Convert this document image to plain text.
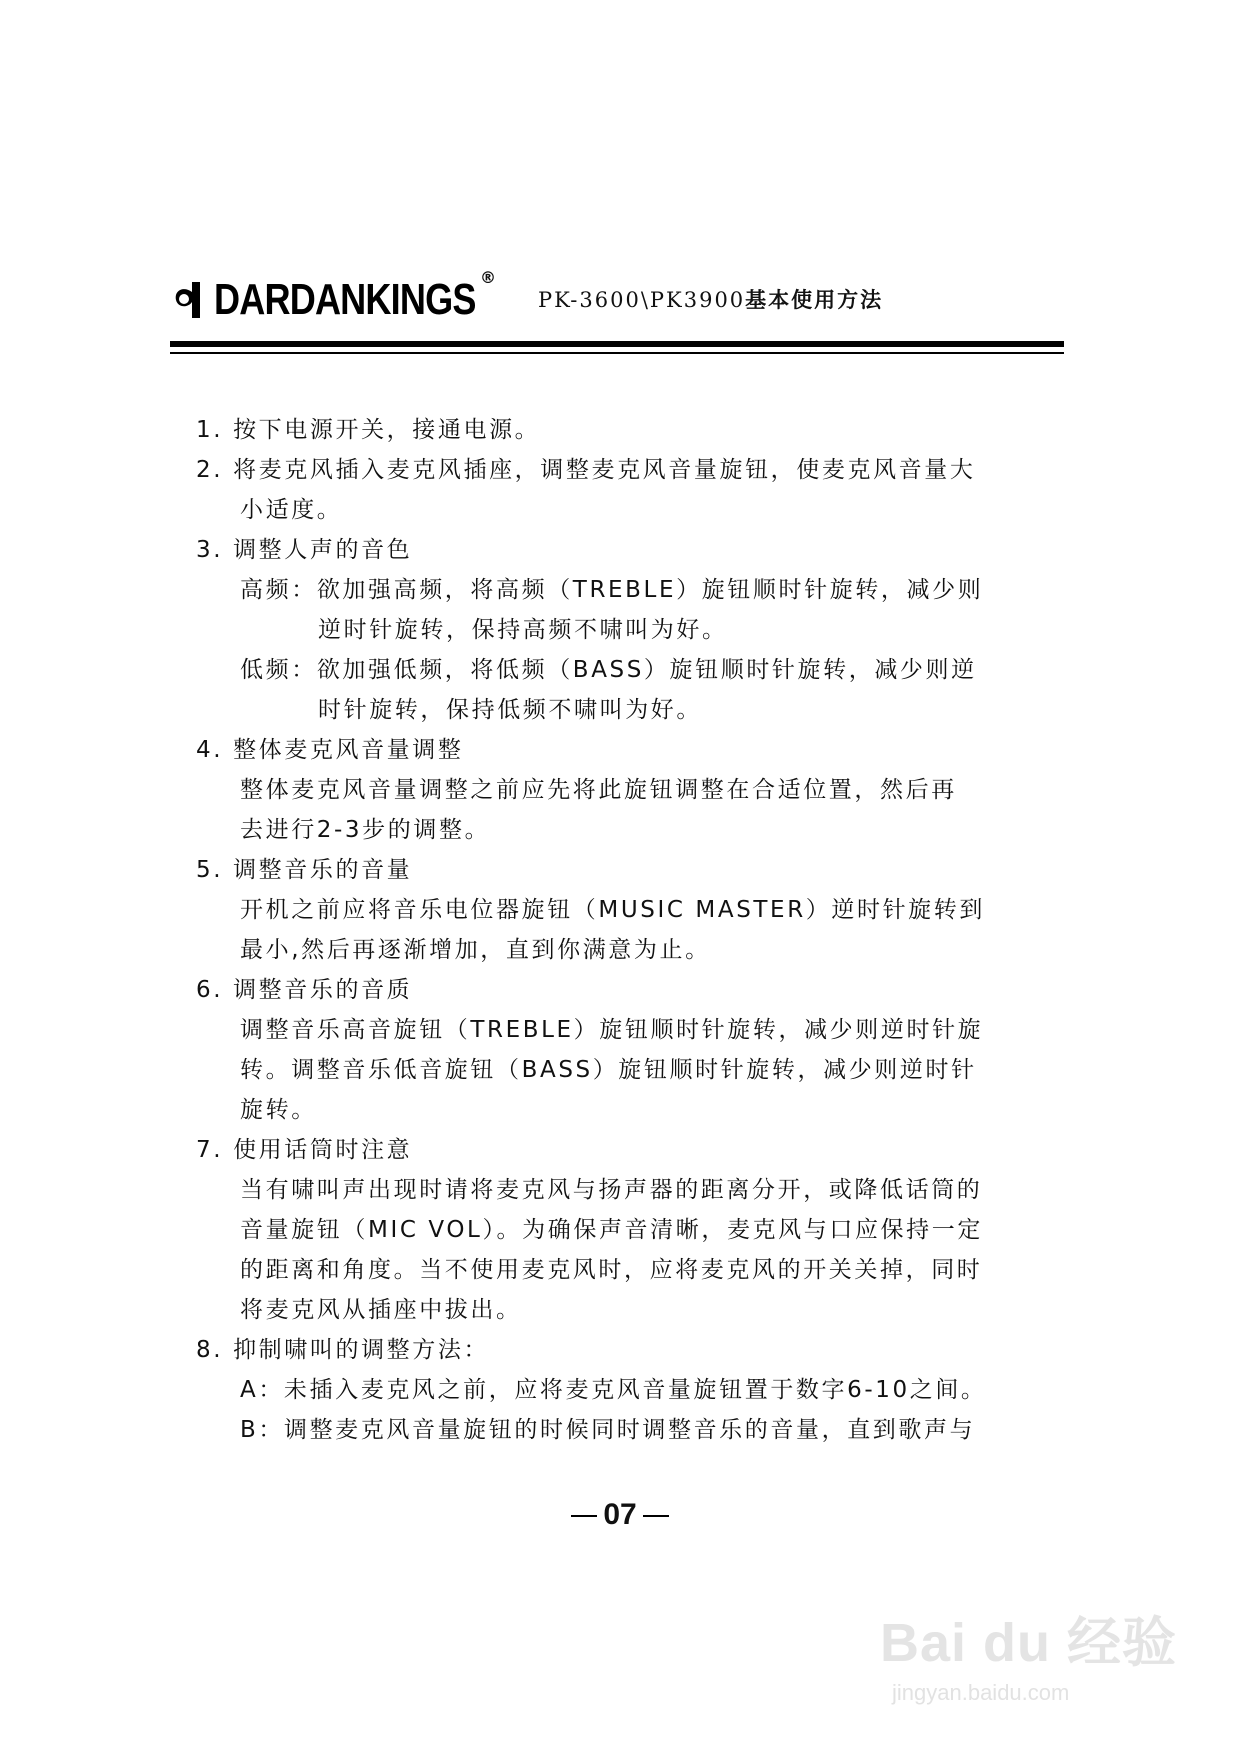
DARDANKINGS ®
PK-3600\PK3900基本使用方法
1. 按下电源开关，接通电源。
2. 将麦克风插入麦克风插座，调整麦克风音量旋钮，使麦克风音量大
小适度。
3. 调整人声的音色
高频：欲加强高频，将高频（TREBLE）旋钮顺时针旋转，减少则
逆时针旋转，保持高频不啸叫为好。
低频：欲加强低频，将低频（BASS）旋钮顺时针旋转，减少则逆
时针旋转，保持低频不啸叫为好。
4. 整体麦克风音量调整
整体麦克风音量调整之前应先将此旋钮调整在合适位置，然后再
去进行2-3步的调整。
5. 调整音乐的音量
开机之前应将音乐电位器旋钮（MUSIC MASTER）逆时针旋转到
最小,然后再逐渐增加，直到你满意为止。
6. 调整音乐的音质
调整音乐高音旋钮（TREBLE）旋钮顺时针旋转，减少则逆时针旋
转。调整音乐低音旋钮（BASS）旋钮顺时针旋转，减少则逆时针
旋转。
7. 使用话筒时注意
当有啸叫声出现时请将麦克风与扬声器的距离分开，或降低话筒的
音量旋钮（MIC VOL）。为确保声音清晰，麦克风与口应保持一定
的距离和角度。当不使用麦克风时，应将麦克风的开关关掉，同时
将麦克风从插座中拔出。
8. 抑制啸叫的调整方法：
A：未插入麦克风之前，应将麦克风音量旋钮置于数字6-10之间。
B：调整麦克风音量旋钮的时候同时调整音乐的音量，直到歌声与
07
Bai du 经验
jingyan.baidu.com
